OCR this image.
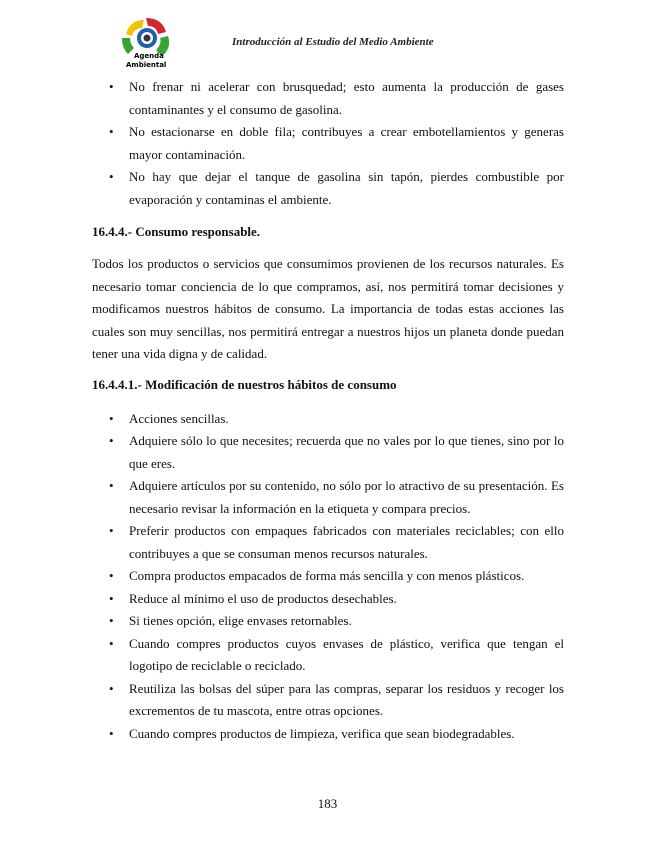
Agenda
Ambiental
Introducción al Estudio del Medio Ambiente
• No frenar ni acelerar con brusquedad; esto aumenta la producción de gases contaminantes y el consumo de gasolina.
• No estacionarse en doble fila; contribuyes a crear embotellamientos y generas mayor contaminación.
• No hay que dejar el tanque de gasolina sin tapón, pierdes combustible por evaporación y contaminas el ambiente.
16.4.4.- Consumo responsable.

Todos los productos o servicios que consumimos provienen de los recursos naturales. Es necesario tomar conciencia de lo que compramos, así, nos permitirá tomar decisiones y modificamos nuestros hábitos de consumo. La importancia de todas estas acciones las cuales son muy sencillas, nos permitirá entregar a nuestros hijos un planeta donde puedan tener una vida digna y de calidad.

16.4.4.1.- Modificación de nuestros hábitos de consumo
• Acciones sencillas.
• Adquiere sólo lo que necesites; recuerda que no vales por lo que tienes, sino por lo que eres.
• Adquiere artículos por su contenido, no sólo por lo atractivo de su presentación. Es necesario revisar la información en la etiqueta y compara precios.
• Preferir productos con empaques fabricados con materiales reciclables; con ello contribuyes a que se consuman menos recursos naturales.
• Compra productos empacados de forma más sencilla y con menos plásticos.
• Reduce al mínimo el uso de productos desechables.
• Si tienes opción, elige envases retornables.
• Cuando compres productos cuyos envases de plástico, verifica que tengan el logotipo de reciclable o reciclado.
• Reutiliza las bolsas del súper para las compras, separar los residuos y recoger los excrementos de tu mascota, entre otras opciones.
• Cuando compres productos de limpieza, verifica que sean biodegradables.
183
